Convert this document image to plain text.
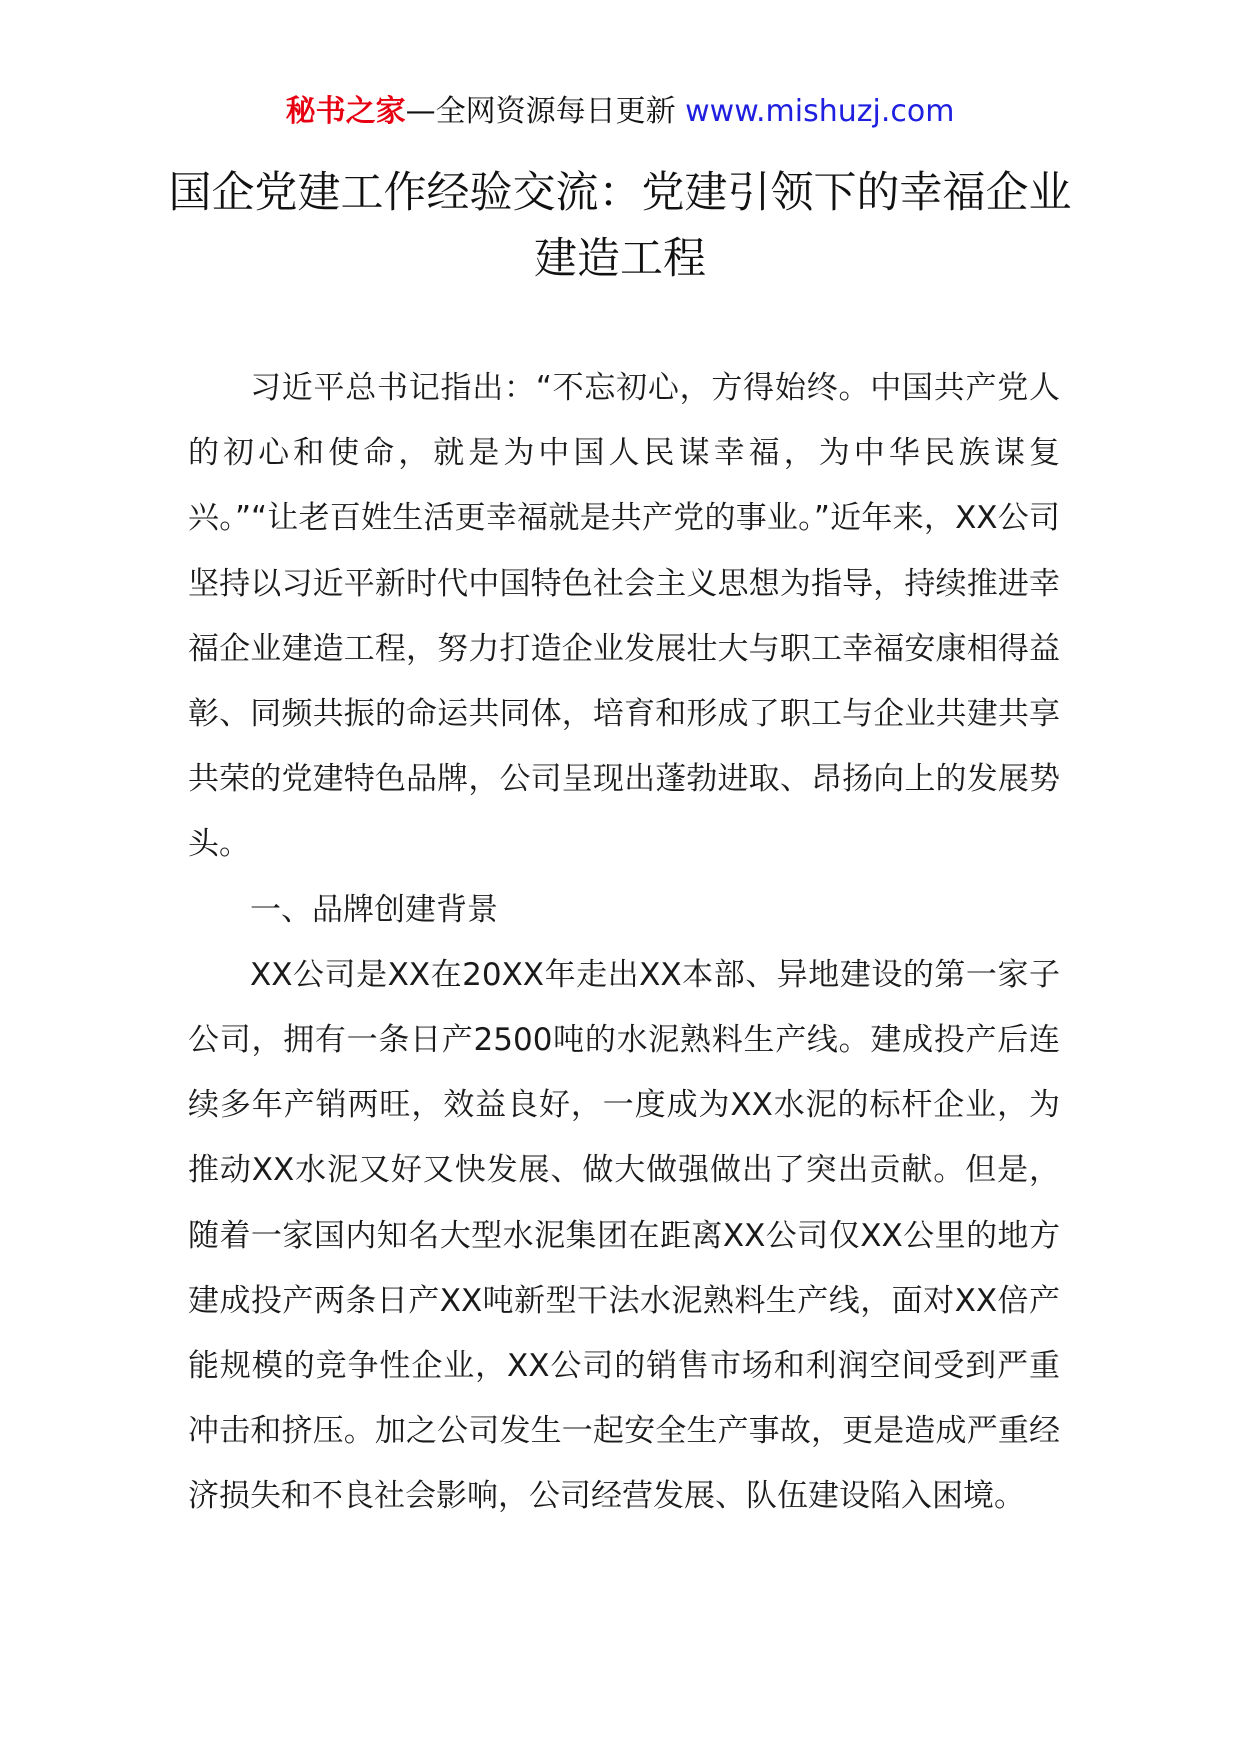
秘书之家—全网资源每日更新 www.mishuzj.com
国企党建工作经验交流：党建引领下的幸福企业建造工程

习近平总书记指出：“不忘初心，方得始终。中国共产党人的初心和使命，就是为中国人民谋幸福，为中华民族谋复兴。”“让老百姓生活更幸福就是共产党的事业。”近年来，XX公司坚持以习近平新时代中国特色社会主义思想为指导，持续推进幸福企业建造工程，努力打造企业发展壮大与职工幸福安康相得益彰、同频共振的命运共同体，培育和形成了职工与企业共建共享共荣的党建特色品牌，公司呈现出蓬勃进取、昂扬向上的发展势头。

一、品牌创建背景

XX公司是XX在20XX年走出XX本部、异地建设的第一家子公司，拥有一条日产2500吨的水泥熟料生产线。建成投产后连续多年产销两旺，效益良好，一度成为XX水泥的标杆企业，为推动XX水泥又好又快发展、做大做强做出了突出贡献。但是，随着一家国内知名大型水泥集团在距离XX公司仅XX公里的地方建成投产两条日产XX吨新型干法水泥熟料生产线，面对XX倍产能规模的竞争性企业，XX公司的销售市场和利润空间受到严重冲击和挤压。加之公司发生一起安全生产事故，更是造成严重经济损失和不良社会影响，公司经营发展、队伍建设陷入困境。
